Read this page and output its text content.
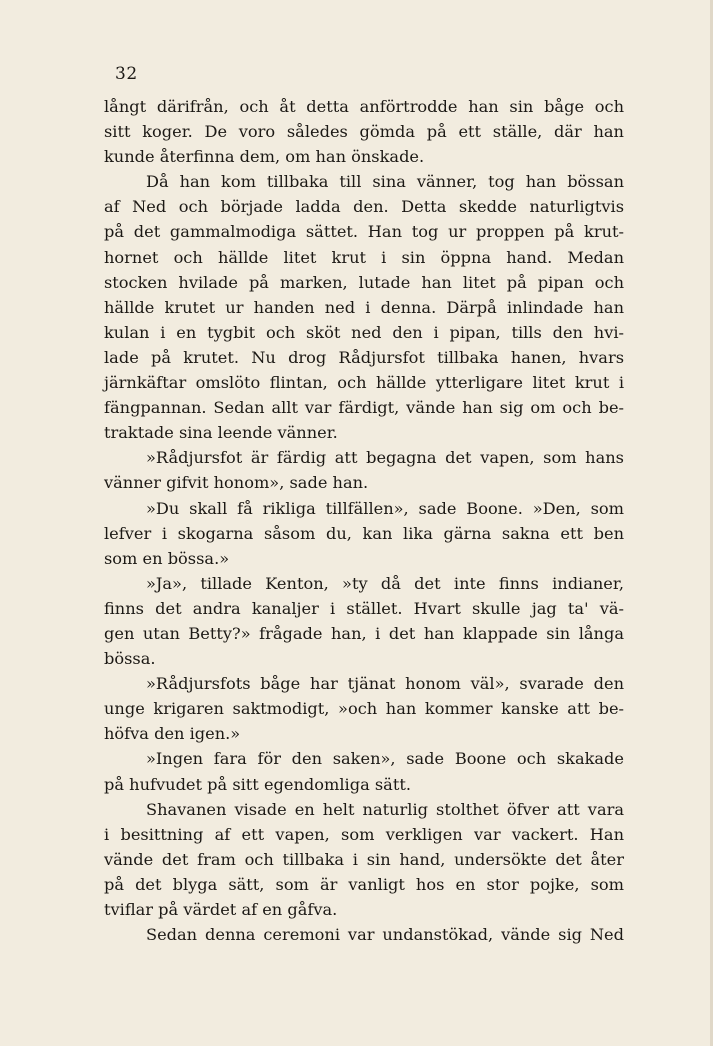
32
långt därifrån, och åt detta anförtrodde han sin båge och
sitt koger. De voro således gömda på ett ställe, där han
kunde återfinna dem, om han önskade.
Då han kom tillbaka till sina vänner, tog han bössan
af Ned och började ladda den. Detta skedde naturligtvis
på det gammalmodiga sättet. Han tog ur proppen på krut-
hornet och hällde litet krut i sin öppna hand. Medan
stocken hvilade på marken, lutade han litet på pipan och
hällde krutet ur handen ned i denna. Därpå inlindade han
kulan i en tygbit och sköt ned den i pipan, tills den hvi-
lade på krutet. Nu drog Rådjursfot tillbaka hanen, hvars
järnkäftar omslöto flintan, och hällde ytterligare litet krut i
fängpannan. Sedan allt var färdigt, vände han sig om och be-
traktade sina leende vänner.
»Rådjursfot är färdig att begagna det vapen, som hans
vänner gifvit honom», sade han.
»Du skall få rikliga tillfällen», sade Boone. »Den, som
lefver i skogarna såsom du, kan lika gärna sakna ett ben
som en bössa.»
»Ja», tillade Kenton, »ty då det inte finns indianer,
finns det andra kanaljer i stället. Hvart skulle jag ta' vä-
gen utan Betty?» frågade han, i det han klappade sin långa
bössa.
»Rådjursfots båge har tjänat honom väl», svarade den
unge krigaren saktmodigt, »och han kommer kanske att be-
höfva den igen.»
»Ingen fara för den saken», sade Boone och skakade
på hufvudet på sitt egendomliga sätt.
Shavanen visade en helt naturlig stolthet öfver att vara
i besittning af ett vapen, som verkligen var vackert. Han
vände det fram och tillbaka i sin hand, undersökte det åter
på det blyga sätt, som är vanligt hos en stor pojke, som
tviflar på värdet af en gåfva.
Sedan denna ceremoni var undanstökad, vände sig Ned
